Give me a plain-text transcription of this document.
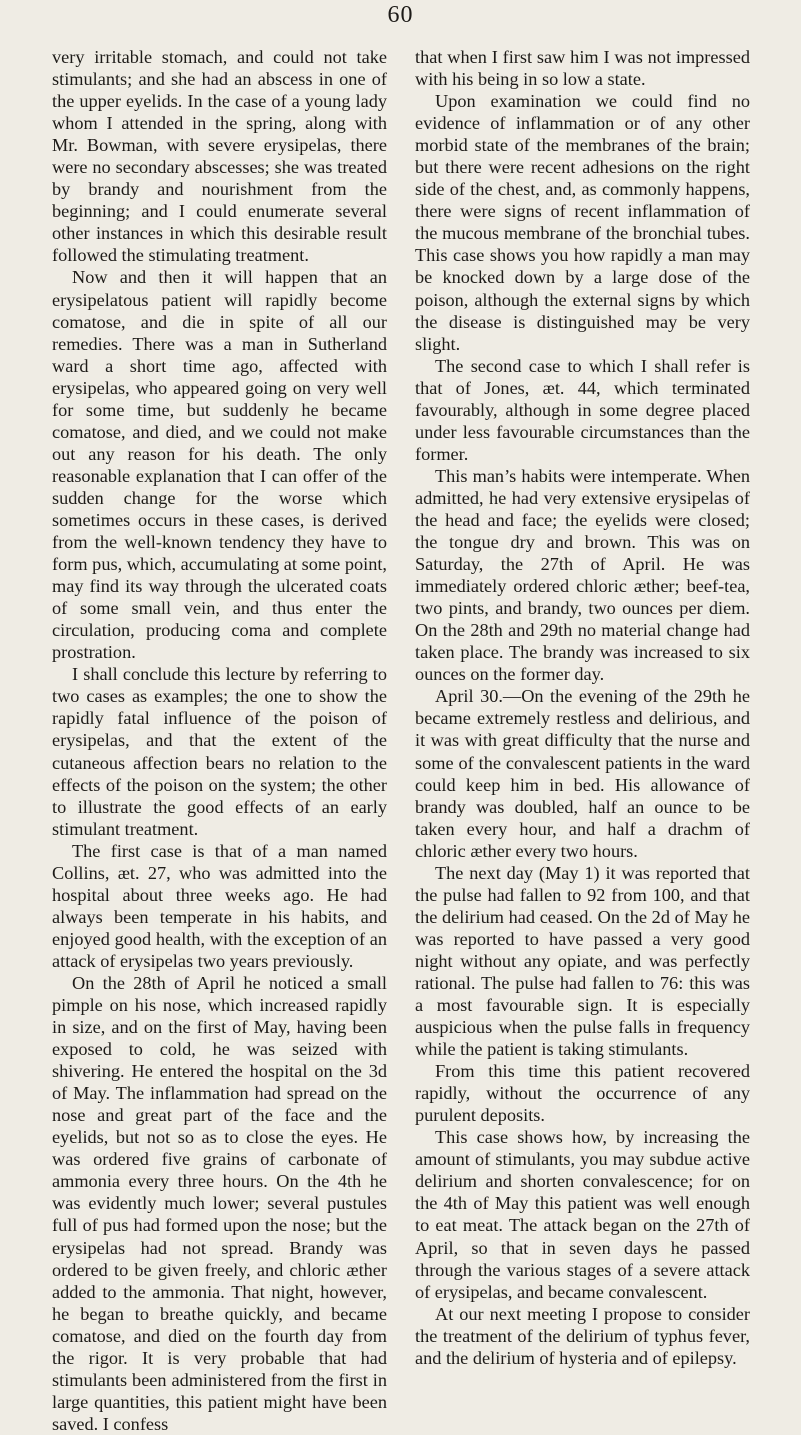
60

very irritable stomach, and could not take stimulants; and she had an abscess in one of the upper eyelids. In the case of a young lady whom I attended in the spring, along with Mr. Bowman, with severe erysipelas, there were no secondary abscesses; she was treated by brandy and nourishment from the beginning; and I could enumerate several other instances in which this desirable result followed the stimulating treatment.

Now and then it will happen that an erysipelatous patient will rapidly become comatose, and die in spite of all our remedies. There was a man in Sutherland ward a short time ago, affected with erysipelas, who appeared going on very well for some time, but suddenly he became comatose, and died, and we could not make out any reason for his death. The only reasonable explanation that I can offer of the sudden change for the worse which sometimes occurs in these cases, is derived from the well-known tendency they have to form pus, which, accumulating at some point, may find its way through the ulcerated coats of some small vein, and thus enter the circulation, producing coma and complete prostration.

I shall conclude this lecture by referring to two cases as examples; the one to show the rapidly fatal influence of the poison of erysipelas, and that the extent of the cutaneous affection bears no relation to the effects of the poison on the system; the other to illustrate the good effects of an early stimulant treatment.

The first case is that of a man named Collins, æt. 27, who was admitted into the hospital about three weeks ago. He had always been temperate in his habits, and enjoyed good health, with the exception of an attack of erysipelas two years previously.

On the 28th of April he noticed a small pimple on his nose, which increased rapidly in size, and on the first of May, having been exposed to cold, he was seized with shivering. He entered the hospital on the 3d of May. The inflammation had spread on the nose and great part of the face and the eyelids, but not so as to close the eyes. He was ordered five grains of carbonate of ammonia every three hours. On the 4th he was evidently much lower; several pustules full of pus had formed upon the nose; but the erysipelas had not spread. Brandy was ordered to be given freely, and chloric æther added to the ammonia. That night, however, he began to breathe quickly, and became comatose, and died on the fourth day from the rigor. It is very probable that had stimulants been administered from the first in large quantities, this patient might have been saved. I confess

that when I first saw him I was not impressed with his being in so low a state.

Upon examination we could find no evidence of inflammation or of any other morbid state of the membranes of the brain; but there were recent adhesions on the right side of the chest, and, as commonly happens, there were signs of recent inflammation of the mucous membrane of the bronchial tubes. This case shows you how rapidly a man may be knocked down by a large dose of the poison, although the external signs by which the disease is distinguished may be very slight.

The second case to which I shall refer is that of Jones, æt. 44, which terminated favourably, although in some degree placed under less favourable circumstances than the former.

This man’s habits were intemperate. When admitted, he had very extensive erysipelas of the head and face; the eyelids were closed; the tongue dry and brown. This was on Saturday, the 27th of April. He was immediately ordered chloric æther; beef-tea, two pints, and brandy, two ounces per diem. On the 28th and 29th no material change had taken place. The brandy was increased to six ounces on the former day.

April 30.—On the evening of the 29th he became extremely restless and delirious, and it was with great difficulty that the nurse and some of the convalescent patients in the ward could keep him in bed. His allowance of brandy was doubled, half an ounce to be taken every hour, and half a drachm of chloric æther every two hours.

The next day (May 1) it was reported that the pulse had fallen to 92 from 100, and that the delirium had ceased. On the 2d of May he was reported to have passed a very good night without any opiate, and was perfectly rational. The pulse had fallen to 76: this was a most favourable sign. It is especially auspicious when the pulse falls in frequency while the patient is taking stimulants.

From this time this patient recovered rapidly, without the occurrence of any purulent deposits.

This case shows how, by increasing the amount of stimulants, you may subdue active delirium and shorten convalescence; for on the 4th of May this patient was well enough to eat meat. The attack began on the 27th of April, so that in seven days he passed through the various stages of a severe attack of erysipelas, and became convalescent.

At our next meeting I propose to consider the treatment of the delirium of typhus fever, and the delirium of hysteria and of epilepsy.
